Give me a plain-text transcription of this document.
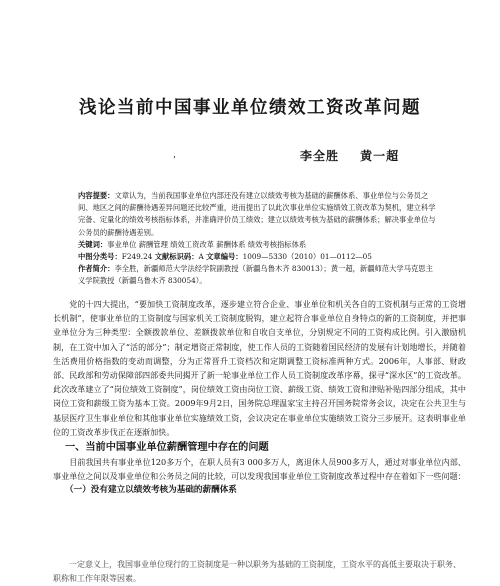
浅论当前中国事业单位绩效工资改革问题
’	李全胜 黄一超

内容提要：文章认为，当前我国事业单位内部还没有建立以绩效考核为基础的薪酬体系、事业单位与公务员之间、地区之间的薪酬待遇差异问题还比较严重，进而提出了以此次事业单位实施绩效工资改革为契机，建立科学完备、定量化的绩效考核指标体系，并准确评价员工绩效；建立以绩效考核为基础的薪酬体系；解决事业单位与公务员的薪酬待遇差别。

关键词：事业单位 薪酬管理 绩效工资改革 薪酬体系 绩效考核指标体系

中图分类号：F249.24 文献标识码：A 文章编号：1009—5330（2010）01—0112—05

作者简介：李全胜，新疆师范大学法经学院副教授（新疆乌鲁木齐 830013）；黄一超，新疆师范大学马克思主义学院教授（新疆乌鲁木齐 830054）。

党的十四大提出，“要加快工资制度改革，逐步建立符合企业、事业单位和机关各自的工资机制与正常的工资增长机制”，使事业单位的工资制度与国家机关工资制度脱钩，建立起符合事业单位自身特点的新的工资制度，并把事业单位分为三种类型：全额拨款单位、差额拨款单位和自收自支单位，分别规定不同的工资构成比例。引入激励机制，在工资中加入了“活的部分”；制定增资正常制度，使工作人员的工资随着国民经济的发展有计划地增长，并随着生活费用价格指数的变动而调整，分为正常晋升工资档次和定期调整工资标准两种方式。2006年，人事部、财政部、民政部和劳动保障部四部委共同揭开了新一轮事业单位工作人员工资制度改革序幕，探寻“深水区”的工资改革。此次改革建立了“岗位绩效工资制度”，岗位绩效工资由岗位工资、薪级工资、绩效工资和津贴补贴四部分组成，其中岗位工资和薪级工资为基本工资。2009年9月2日，国务院总理温家宝主持召开国务院常务会议，决定在公共卫生与基层医疗卫生事业单位和其他事业单位实施绩效工资，会议决定在事业单位实施绩效工资分三步展开。这表明事业单位的工资改革步伐正在逐渐加快。

一、当前中国事业单位薪酬管理中存在的问题

目前我国共有事业单位120多万个，在职人员有3 000多万人，离退休人员900多万人，通过对事业单位内部、事业单位之间以及事业单位和公务员之间的比较，可以发现我国事业单位工资制度改革过程中存在着如下一些问题：

（一）没有建立以绩效考核为基础的薪酬体系

一定意义上，我国事业单位现行的工资制度是一种以职务为基础的工资制度，工资水平的高低主要取决于职务、职称和工作年限等因素。
